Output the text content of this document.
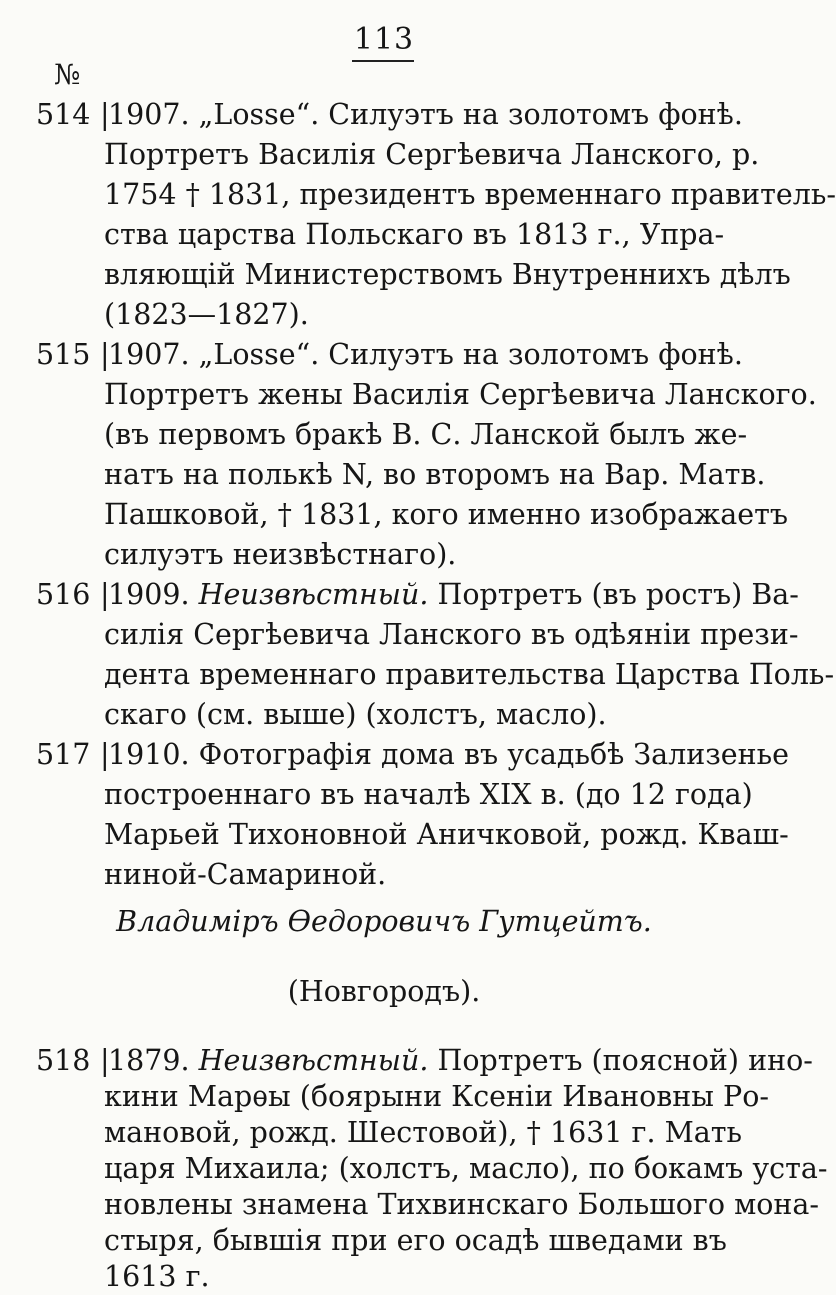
113
№
514 |1907. „Losse“. Силуэтъ на золотомъ фонѣ.
Портретъ Василія Сергѣевича Ланского, р.
1754 † 1831, президентъ временнаго правитель-
ства царства Польскаго въ 1813 г., Упра-
вляющій Министерствомъ Внутреннихъ дѣлъ
(1823—1827).
515 |1907. „Losse“. Силуэтъ на золотомъ фонѣ.
Портретъ жены Василія Сергѣевича Ланского.
(въ первомъ бракѣ В. С. Ланской былъ же-
натъ на полькѣ N, во второмъ на Вар. Матв.
Пашковой, † 1831, кого именно изображаетъ
силуэтъ неизвѣстнаго).
516 |1909. Неизвѣстный. Портретъ (въ ростъ) Ва-
силія Сергѣевича Ланского въ одѣяніи прези-
дента временнаго правительства Царства Поль-
скаго (см. выше) (холстъ, масло).
517 |1910. Фотографія дома въ усадьбѣ Зализенье
построеннаго въ началѣ XIX в. (до 12 года)
Марьей Тихоновной Аничковой, рожд. Кваш-
ниной-Самариной.
Владиміръ Ѳедоровичъ Гутцейтъ.
(Новгородъ).
518 |1879. Неизвѣстный. Портретъ (поясной) ино-
кини Марѳы (боярыни Ксеніи Ивановны Ро-
мановой, рожд. Шестовой), † 1631 г. Мать
царя Михаила; (холстъ, масло), по бокамъ уста-
новлены знамена Тихвинскаго Большого мона-
стыря, бывшія при его осадѣ шведами въ
1613 г.
